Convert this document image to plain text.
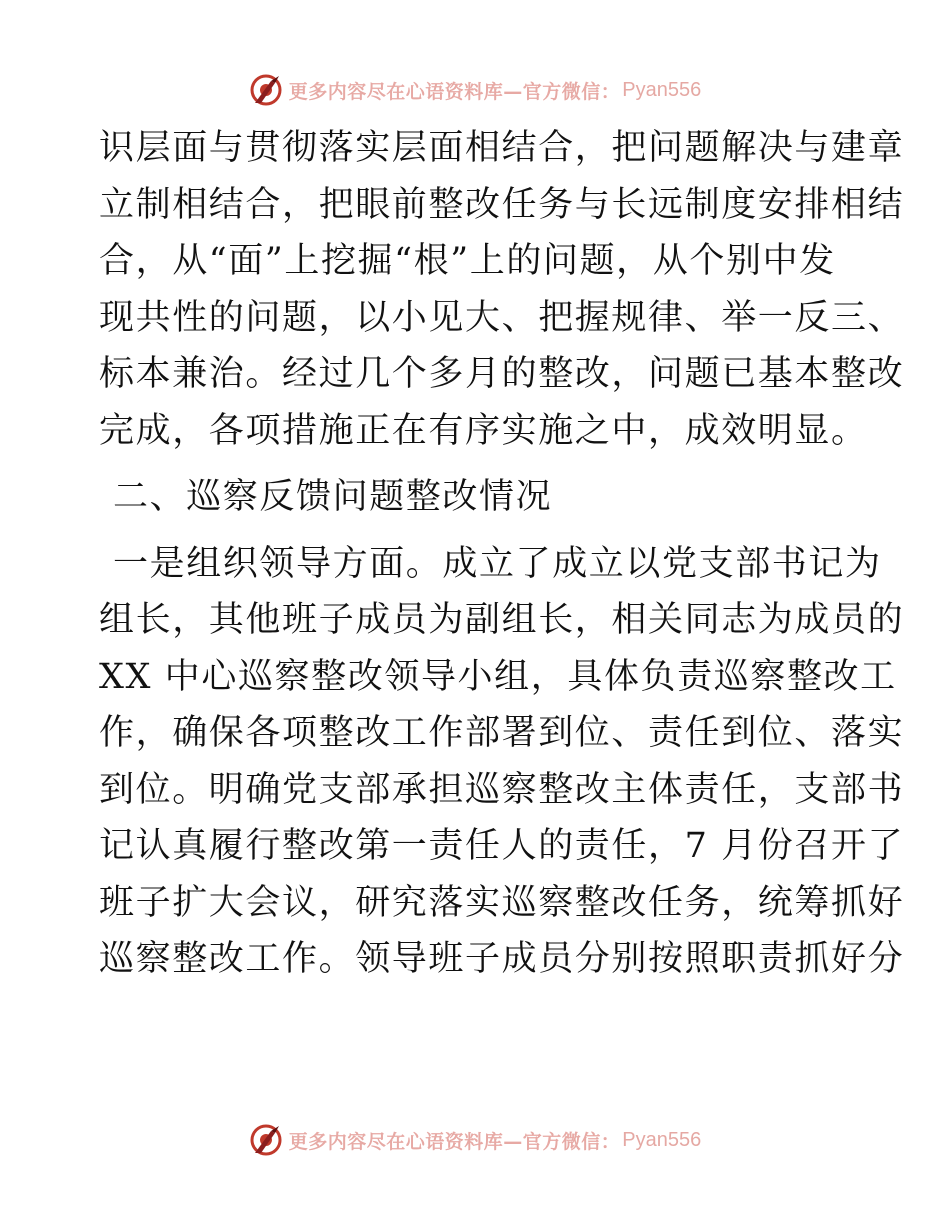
更多内容尽在心语资料库—官方微信： Pyan556
识层面与贯彻落实层面相结合，把问题解决与建章
立制相结合，把眼前整改任务与长远制度安排相结
合，从“面”上挖掘“根”上的问题，从个别中发
现共性的问题，以小见大、把握规律、举一反三、
标本兼治。经过几个多月的整改，问题已基本整改
完成，各项措施正在有序实施之中，成效明显。
二、巡察反馈问题整改情况
一是组织领导方面。成立了成立以党支部书记为
组长，其他班子成员为副组长，相关同志为成员的
XX 中心巡察整改领导小组，具体负责巡察整改工
作，确保各项整改工作部署到位、责任到位、落实
到位。明确党支部承担巡察整改主体责任，支部书
记认真履行整改第一责任人的责任，7 月份召开了
班子扩大会议，研究落实巡察整改任务，统筹抓好
巡察整改工作。领导班子成员分别按照职责抓好分
更多内容尽在心语资料库—官方微信： Pyan556
